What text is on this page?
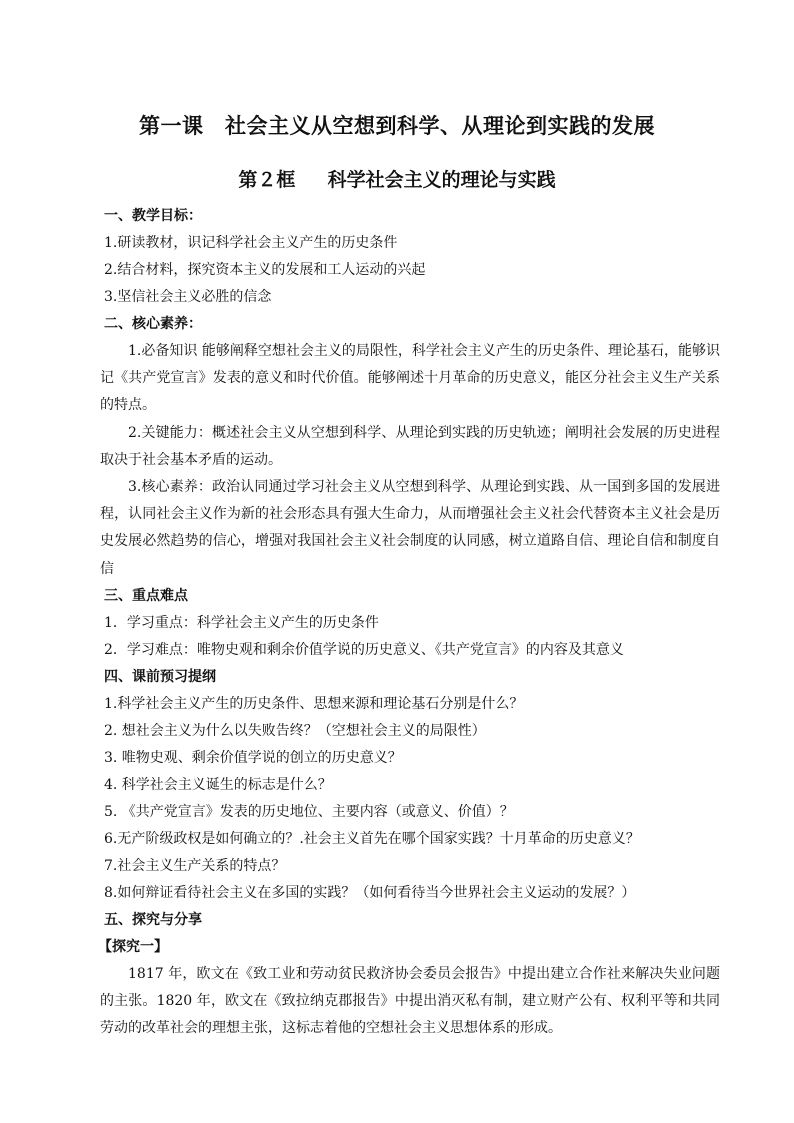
第一课　社会主义从空想到科学、从理论到实践的发展
第２框　  科学社会主义的理论与实践
一、教学目标：
1.研读教材，识记科学社会主义产生的历史条件
2.结合材料，探究资本主义的发展和工人运动的兴起
3.坚信社会主义必胜的信念
二、核心素养：

1.必备知识 能够阐释空想社会主义的局限性，科学社会主义产生的历史条件、理论基石，能够识记《共产党宣言》发表的意义和时代价值。能够阐述十月革命的历史意义，能区分社会主义生产关系的特点。

2.关键能力：概述社会主义从空想到科学、从理论到实践的历史轨迹；阐明社会发展的历史进程取决于社会基本矛盾的运动。

3.核心素养：政治认同通过学习社会主义从空想到科学、从理论到实践、从一国到多国的发展进程，认同社会主义作为新的社会形态具有强大生命力，从而增强社会主义社会代替资本主义社会是历史发展必然趋势的信心，增强对我国社会主义社会制度的认同感，树立道路自信、理论自信和制度自信

三、重点难点
1．学习重点：科学社会主义产生的历史条件
2．学习难点：唯物史观和剩余价值学说的历史意义、《共产党宣言》的内容及其意义
四、课前预习提纲
1.科学社会主义产生的历史条件、思想来源和理论基石分别是什么？
2. 想社会主义为什么以失败告终？（空想社会主义的局限性）
3. 唯物史观、剩余价值学说的创立的历史意义？
4. 科学社会主义诞生的标志是什么？
5. 《共产党宣言》发表的历史地位、主要内容（或意义、价值）？
6.无产阶级政权是如何确立的？.社会主义首先在哪个国家实践？十月革命的历史意义？
7.社会主义生产关系的特点？
8.如何辩证看待社会主义在多国的实践？（如何看待当今世界社会主义运动的发展？）
五、探究与分享
【探究一】

1817 年，欧文在《致工业和劳动贫民救济协会委员会报告》中提出建立合作社来解决失业问题的主张。1820 年，欧文在《致拉纳克郡报告》中提出消灭私有制，建立财产公有、权利平等和共同劳动的改革社会的理想主张，这标志着他的空想社会主义思想体系的形成。
